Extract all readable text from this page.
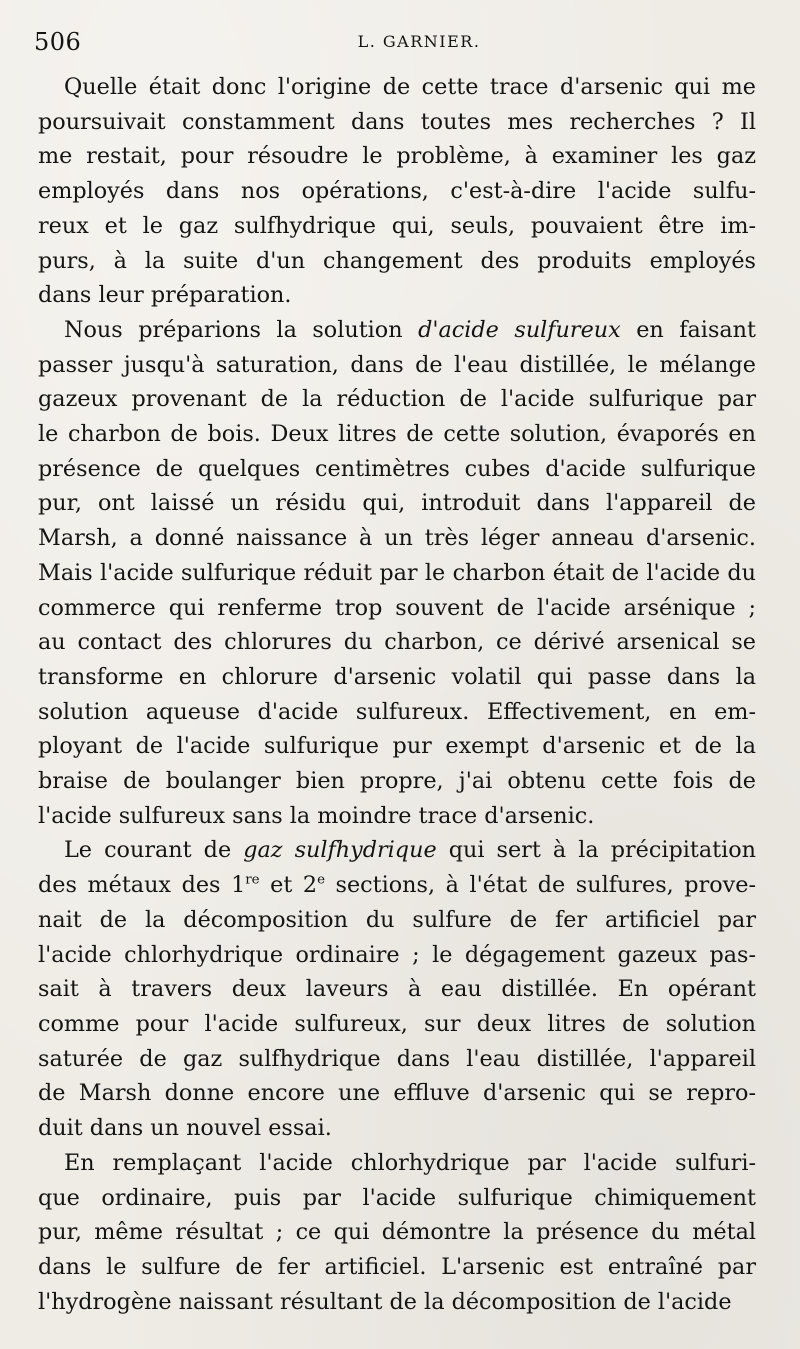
506	L. GARNIER.

Quelle était donc l'origine de cette trace d'arsenic qui me
poursuivait constamment dans toutes mes recherches ? Il
me restait, pour résoudre le problème, à examiner les gaz
employés dans nos opérations, c'est-à-dire l'acide sulfu-
reux et le gaz sulfhydrique qui, seuls, pouvaient être im-
purs, à la suite d'un changement des produits employés
dans leur préparation.

Nous préparions la solution d'acide sulfureux en faisant
passer jusqu'à saturation, dans de l'eau distillée, le mélange
gazeux provenant de la réduction de l'acide sulfurique par
le charbon de bois. Deux litres de cette solution, évaporés en
présence de quelques centimètres cubes d'acide sulfurique
pur, ont laissé un résidu qui, introduit dans l'appareil de
Marsh, a donné naissance à un très léger anneau d'arsenic.
Mais l'acide sulfurique réduit par le charbon était de l'acide du
commerce qui renferme trop souvent de l'acide arsénique ;
au contact des chlorures du charbon, ce dérivé arsenical se
transforme en chlorure d'arsenic volatil qui passe dans la
solution aqueuse d'acide sulfureux. Effectivement, en em-
ployant de l'acide sulfurique pur exempt d'arsenic et de la
braise de boulanger bien propre, j'ai obtenu cette fois de
l'acide sulfureux sans la moindre trace d'arsenic.

Le courant de gaz sulfhydrique qui sert à la précipitation
des métaux des 1re et 2e sections, à l'état de sulfures, prove-
nait de la décomposition du sulfure de fer artificiel par
l'acide chlorhydrique ordinaire ; le dégagement gazeux pas-
sait à travers deux laveurs à eau distillée. En opérant
comme pour l'acide sulfureux, sur deux litres de solution
saturée de gaz sulfhydrique dans l'eau distillée, l'appareil
de Marsh donne encore une effluve d'arsenic qui se repro-
duit dans un nouvel essai.

En remplaçant l'acide chlorhydrique par l'acide sulfuri-
que ordinaire, puis par l'acide sulfurique chimiquement
pur, même résultat ; ce qui démontre la présence du métal
dans le sulfure de fer artificiel. L'arsenic est entraîné par
l'hydrogène naissant résultant de la décomposition de l'acide
